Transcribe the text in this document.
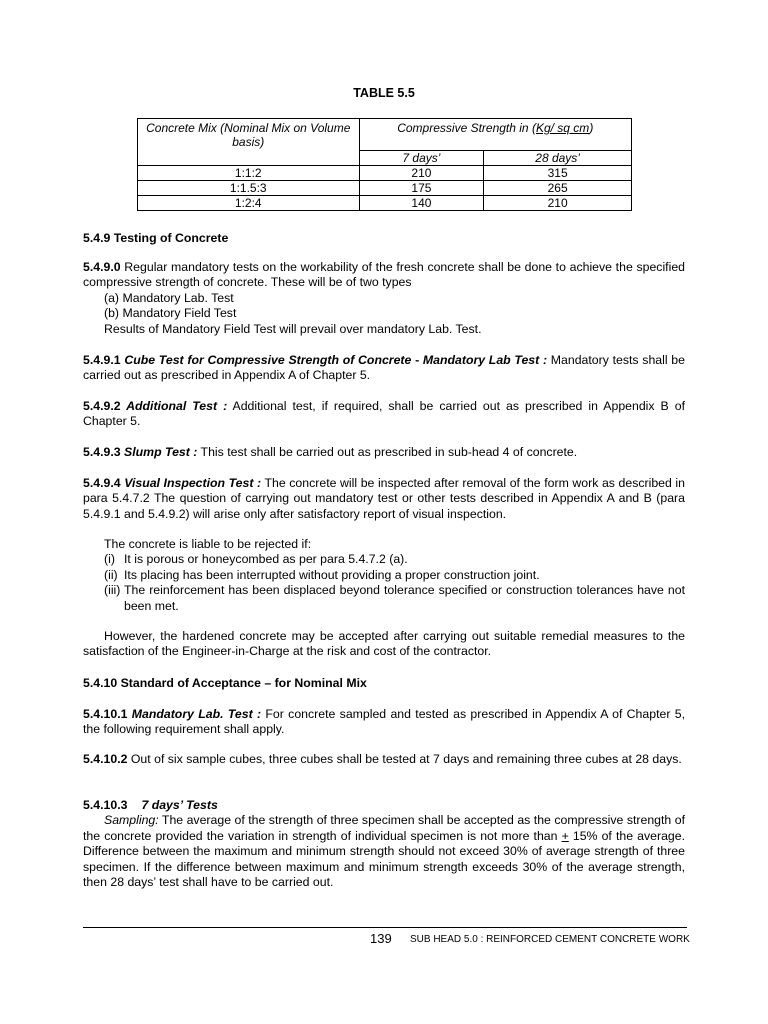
TABLE 5.5
Concrete Mix (Nominal Mix on Volume basis)	Compressive Strength in (Kg/ sq cm)	
	7 days’	28 days’
1:1:2	210	315
1:1.5:3	175	265
1:2:4	140	210

5.4.9 Testing of Concrete

5.4.9.0 Regular mandatory tests on the workability of the fresh concrete shall be done to achieve the specified compressive strength of concrete. These will be of two types

(a) Mandatory Lab. Test

(b) Mandatory Field Test

Results of Mandatory Field Test will prevail over mandatory Lab. Test.

5.4.9.1 Cube Test for Compressive Strength of Concrete - Mandatory Lab Test : Mandatory tests shall be carried out as prescribed in Appendix A of Chapter 5.

5.4.9.2 Additional Test : Additional test, if required, shall be carried out as prescribed in Appendix B of Chapter 5.

5.4.9.3 Slump Test : This test shall be carried out as prescribed in sub-head 4 of concrete.

5.4.9.4 Visual Inspection Test : The concrete will be inspected after removal of the form work as described in para 5.4.7.2 The question of carrying out mandatory test or other tests described in Appendix A and B (para 5.4.9.1 and 5.4.9.2) will arise only after satisfactory report of visual inspection.

The concrete is liable to be rejected if:

(i) It is porous or honeycombed as per para 5.4.7.2 (a).
(ii) Its placing has been interrupted without providing a proper construction joint.
(iii) The reinforcement has been displaced beyond tolerance specified or construction tolerances have not been met.

However, the hardened concrete may be accepted after carrying out suitable remedial measures to the satisfaction of the Engineer-in-Charge at the risk and cost of the contractor.

5.4.10 Standard of Acceptance – for Nominal Mix

5.4.10.1 Mandatory Lab. Test : For concrete sampled and tested as prescribed in Appendix A of Chapter 5, the following requirement shall apply.

5.4.10.2 Out of six sample cubes, three cubes shall be tested at 7 days and remaining three cubes at 28 days.

5.4.10.3 7 days’ Tests

Sampling: The average of the strength of three specimen shall be accepted as the compressive strength of the concrete provided the variation in strength of individual specimen is not more than + 15% of the average. Difference between the maximum and minimum strength should not exceed 30% of average strength of three specimen. If the difference between maximum and minimum strength exceeds 30% of the average strength, then 28 days’ test shall have to be carried out.

139 SUB HEAD 5.0 : REINFORCED CEMENT CONCRETE WORK
